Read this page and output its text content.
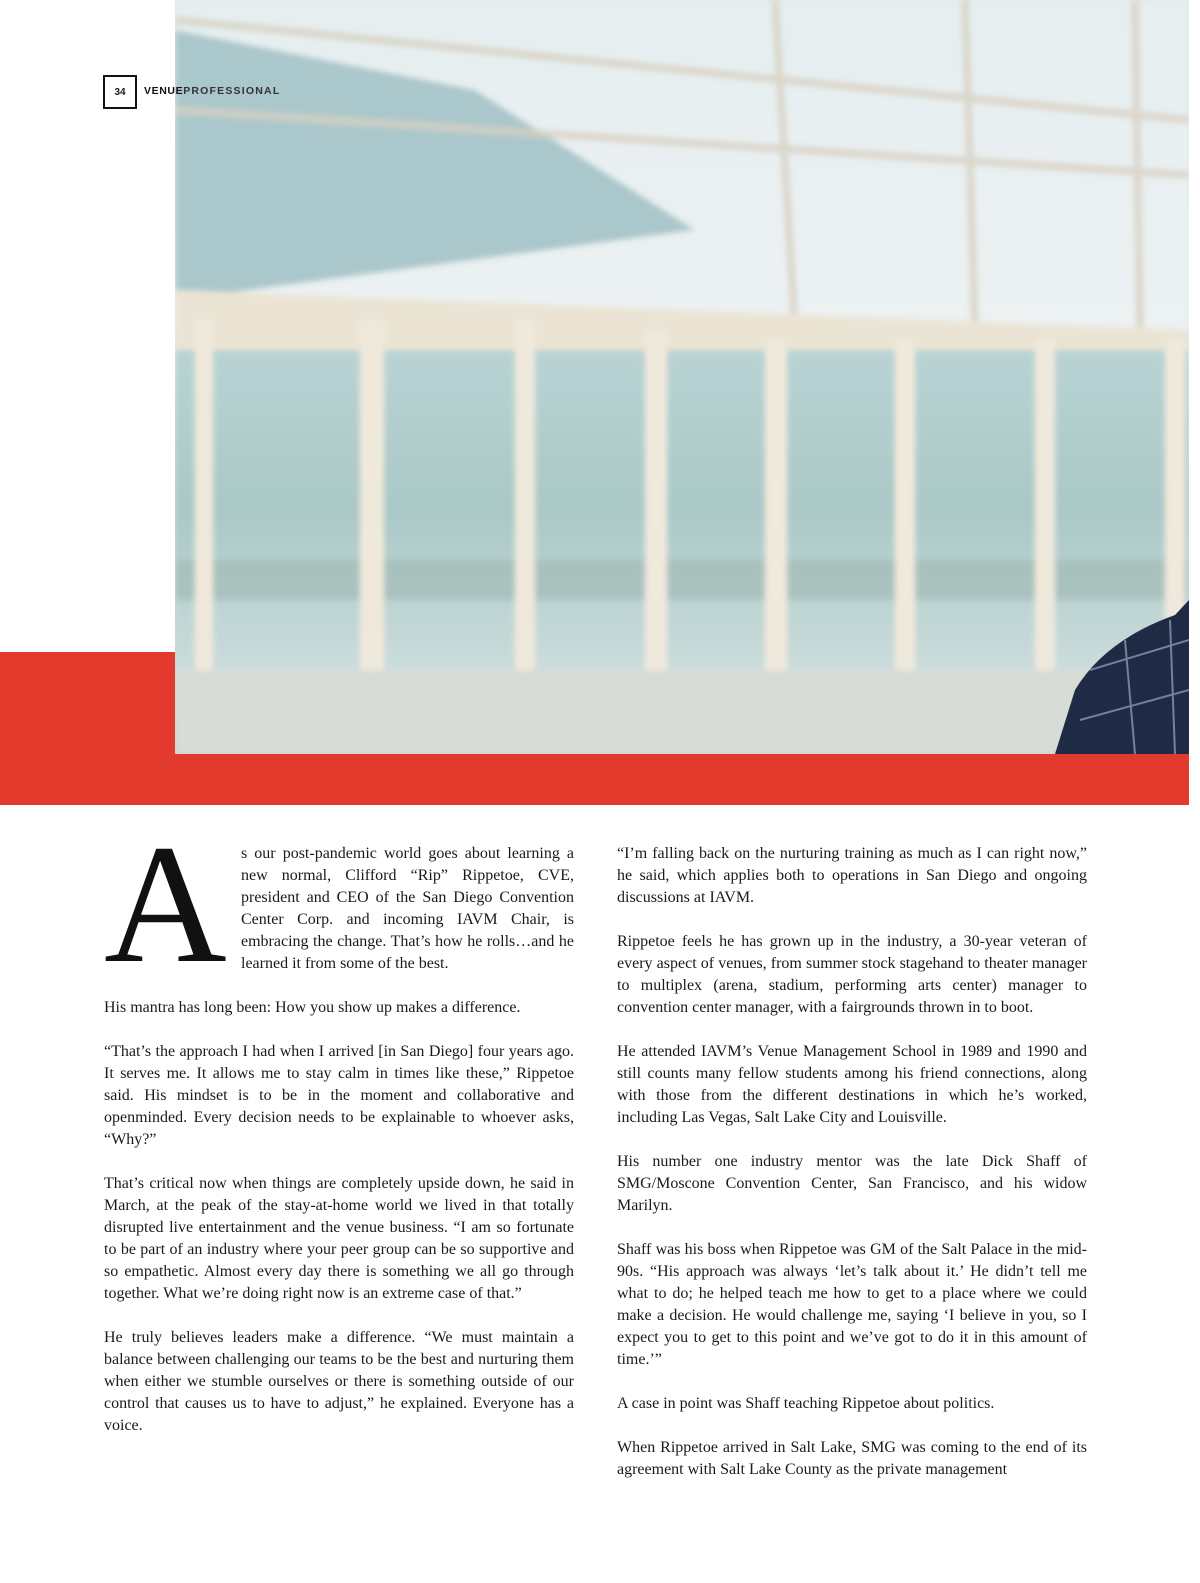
34	VENUEPROFESSIONAL
A s our post-pandemic world goes about learning a new normal, Clifford “Rip” Rippetoe, CVE, president and CEO of the San Diego Convention Center Corp. and incoming IAVM Chair, is embracing the change. That’s how he rolls…and he learned it from some of the best.

His mantra has long been: How you show up makes a difference.

“That’s the approach I had when I arrived [in San Diego] four years ago. It serves me. It allows me to stay calm in times like these,” Rippetoe said. His mindset is to be in the moment and collaborative and openminded. Every decision needs to be explainable to whoever asks, “Why?”

That’s critical now when things are completely upside down, he said in March, at the peak of the stay-at-home world we lived in that totally disrupted live entertainment and the venue business. “I am so fortunate to be part of an industry where your peer group can be so supportive and so empathetic. Almost every day there is something we all go through together. What we’re doing right now is an extreme case of that.”

He truly believes leaders make a difference. “We must maintain a balance between challenging our teams to be the best and nurturing them when either we stumble ourselves or there is something outside of our control that causes us to have to adjust,” he explained. Everyone has a voice.

“I’m falling back on the nurturing training as much as I can right now,” he said, which applies both to operations in San Diego and ongoing discussions at IAVM.

Rippetoe feels he has grown up in the industry, a 30-year veteran of every aspect of venues, from summer stock stagehand to theater manager to multiplex (arena, stadium, performing arts center) manager to convention center manager, with a fairgrounds thrown in to boot.

He attended IAVM’s Venue Management School in 1989 and 1990 and still counts many fellow students among his friend connections, along with those from the different destinations in which he’s worked, including Las Vegas, Salt Lake City and Louisville.

His number one industry mentor was the late Dick Shaff of SMG/Moscone Convention Center, San Francisco, and his widow Marilyn.

Shaff was his boss when Rippetoe was GM of the Salt Palace in the mid-90s. “His approach was always ‘let’s talk about it.’ He didn’t tell me what to do; he helped teach me how to get to a place where we could make a decision. He would challenge me, saying ‘I believe in you, so I expect you to get to this point and we’ve got to do it in this amount of time.’”

A case in point was Shaff teaching Rippetoe about politics.

When Rippetoe arrived in Salt Lake, SMG was coming to the end of its agreement with Salt Lake County as the private management
